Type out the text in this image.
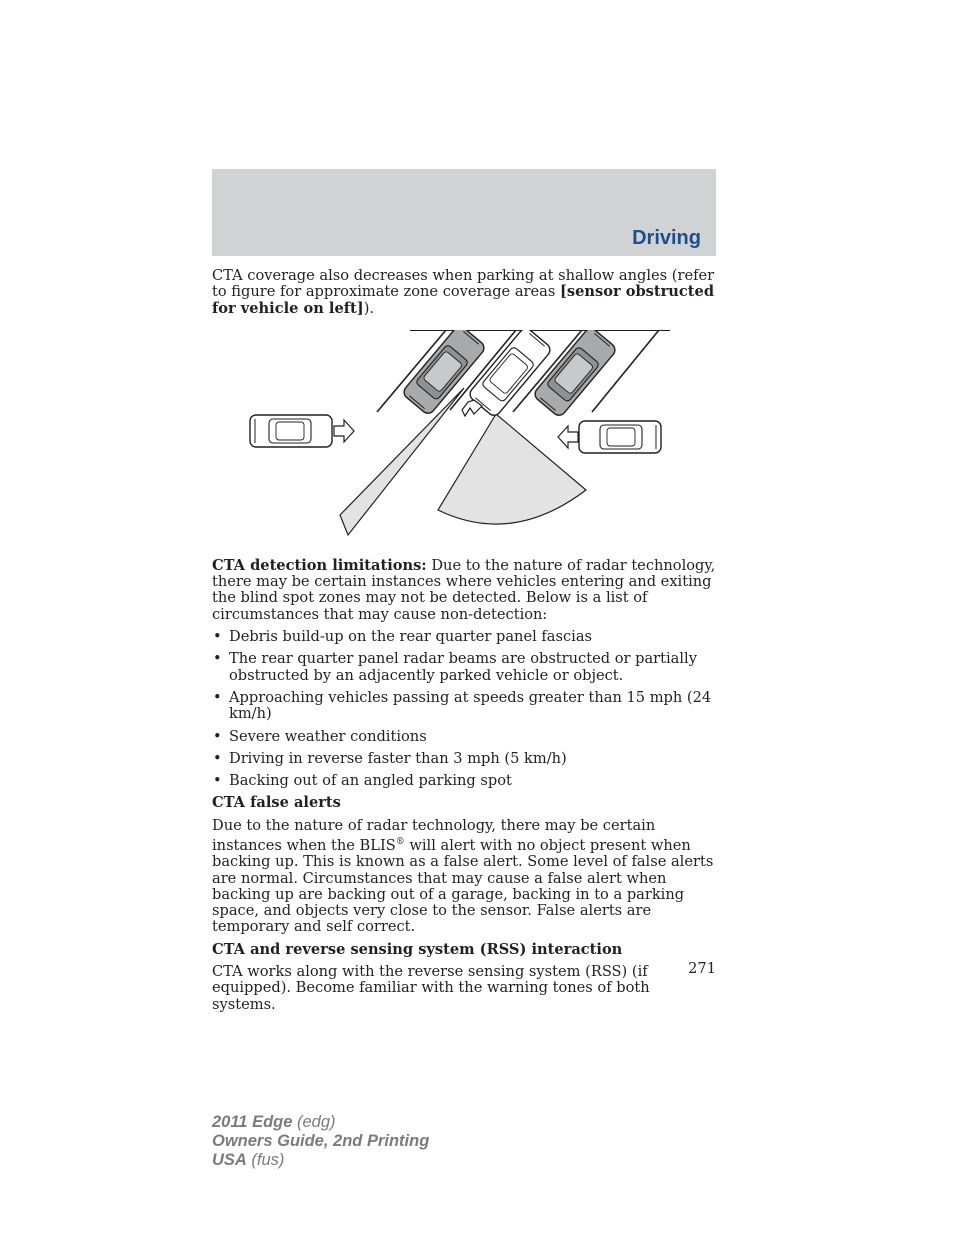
Driving

CTA coverage also decreases when parking at shallow angles (refer to figure for approximate zone coverage areas [sensor obstructed for vehicle on left]).

CTA detection limitations: Due to the nature of radar technology, there may be certain instances where vehicles entering and exiting the blind spot zones may not be detected. Below is a list of circumstances that may cause non-detection:

• Debris build-up on the rear quarter panel fascias
• The rear quarter panel radar beams are obstructed or partially obstructed by an adjacently parked vehicle or object.
• Approaching vehicles passing at speeds greater than 15 mph (24 km/h)
• Severe weather conditions
• Driving in reverse faster than 3 mph (5 km/h)
• Backing out of an angled parking spot
CTA false alerts

Due to the nature of radar technology, there may be certain instances when the BLIS® will alert with no object present when backing up. This is known as a false alert. Some level of false alerts are normal. Circumstances that may cause a false alert when backing up are backing out of a garage, backing in to a parking space, and objects very close to the sensor. False alerts are temporary and self correct.

CTA and reverse sensing system (RSS) interaction

CTA works along with the reverse sensing system (RSS) (if equipped). Become familiar with the warning tones of both systems.

271
2011 Edge (edg)
Owners Guide, 2nd Printing
USA (fus)
